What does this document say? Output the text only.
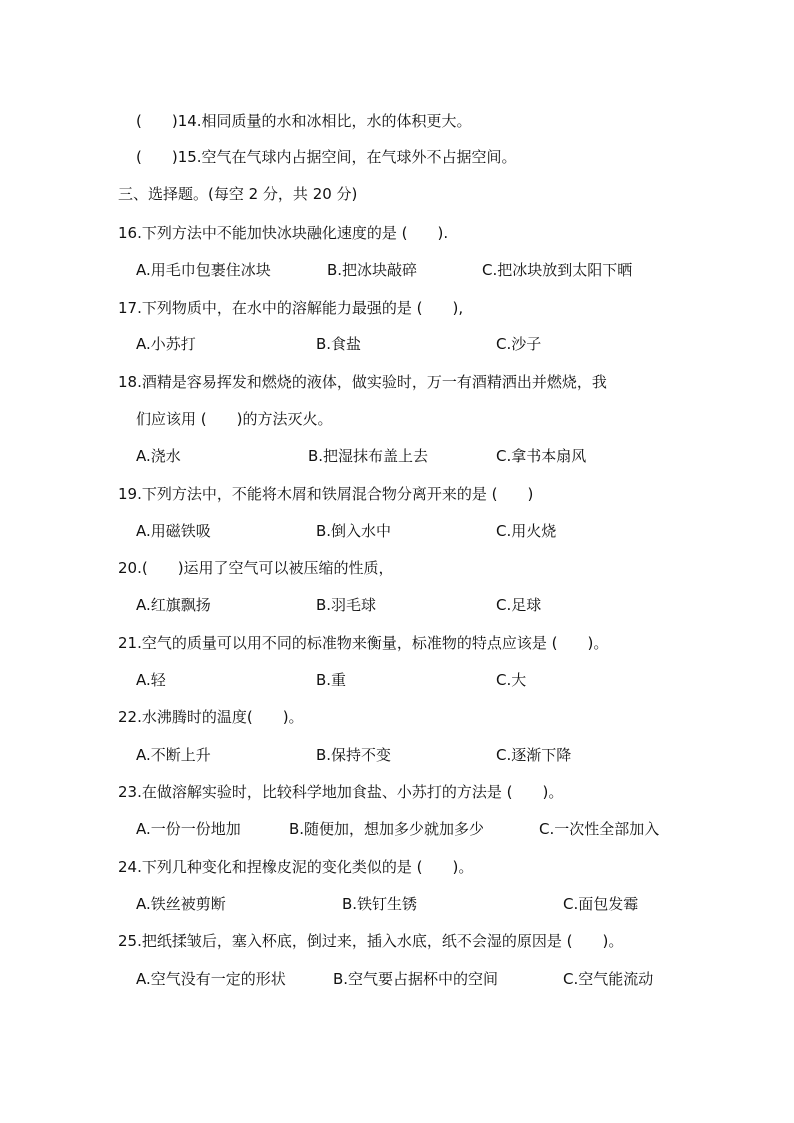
(　　)14.相同质量的水和冰相比，水的体积更大。
(　　)15.空气在气球内占据空间，在气球外不占据空间。
三、选择题。(每空 2 分，共 20 分)
16.下列方法中不能加快冰块融化速度的是 (　　).
A.用毛巾包裹住冰块	B.把冰块敲碎	C.把冰块放到太阳下晒
17.下列物质中，在水中的溶解能力最强的是 (　　),
A.小苏打	B.食盐	C.沙子
18.酒精是容易挥发和燃烧的液体，做实验时，万一有酒精洒出并燃烧，我
们应该用 (　　)的方法灭火。
A.浇水	B.把湿抹布盖上去	C.拿书本扇风
19.下列方法中，不能将木屑和铁屑混合物分离开来的是 (　　)
A.用磁铁吸	B.倒入水中	C.用火烧
20.(　　)运用了空气可以被压缩的性质，
A.红旗飘扬	B.羽毛球	C.足球
21.空气的质量可以用不同的标准物来衡量，标准物的特点应该是 (　　)。
A.轻	B.重	C.大
22.水沸腾时的温度(　　)。
A.不断上升	B.保持不变	C.逐渐下降
23.在做溶解实验时，比较科学地加食盐、小苏打的方法是 (　　)。
A.一份一份地加	B.随便加，想加多少就加多少	C.一次性全部加入
24.下列几种变化和捏橡皮泥的变化类似的是 (　　)。
A.铁丝被剪断	B.铁钉生锈	C.面包发霉
25.把纸揉皱后，塞入杯底，倒过来，插入水底，纸不会湿的原因是 (　　)。
A.空气没有一定的形状	B.空气要占据杯中的空间	C.空气能流动
